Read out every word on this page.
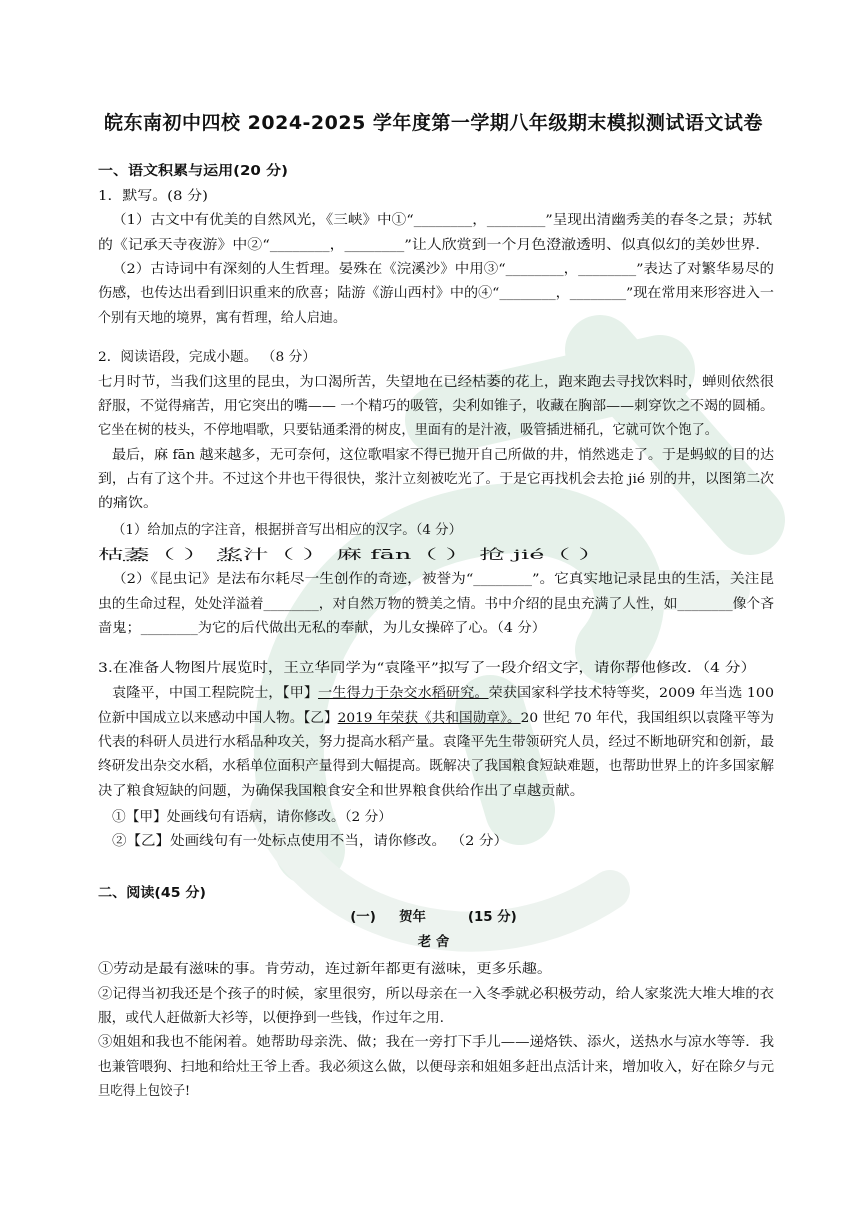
皖东南初中四校 2024-2025 学年度第一学期八年级期末模拟测试语文试卷
一、语文积累与运用(20 分)
1．默写。(8 分)
（1）古文中有优美的自然风光，《三峡》中①“________，________”呈现出清幽秀美的春冬之景；苏轼
的《记承天寺夜游》中②“________，________”让人欣赏到一个月色澄澈透明、似真似幻的美妙世界.
（2）古诗词中有深刻的人生哲理。晏殊在《浣溪沙》中用③“________，________”表达了对繁华易尽的
伤感，也传达出看到旧识重来的欣喜；陆游《游山西村》中的④“________，________”现在常用来形容进入一
个别有天地的境界，寓有哲理，给人启迪。
2．阅读语段，完成小题。 （8 分）
七月时节，当我们这里的昆虫，为口渴所苦，失望地在已经枯萎的花上，跑来跑去寻找饮料时，蝉则依然很
舒服，不觉得痛苦，用它突出的嘴—— 一个精巧的吸管，尖利如锥子，收藏在胸部——刺穿饮之不竭的圆桶。
它坐在树的枝头，不停地唱歌，只要钻通柔滑的树皮，里面有的是汁液，吸管插进桶孔，它就可饮个饱了。
最后，麻 fān 越来越多，无可奈何，这位歌唱家不得已抛开自己所做的井，悄然逃走了。于是蚂蚁的目的达
到，占有了这个井。不过这个井也干得很快，浆汁立刻被吃光了。于是它再找机会去抢 jié 别的井，以图第二次
的痛饮。
（1）给加点的字注音，根据拼音写出相应的汉字。（4 分）
枯萎（ ） 浆汁（ ） 麻 fān（ ） 抢 jié（ ）
（2）《昆虫记》是法布尔耗尽一生创作的奇迹，被誉为“________”。它真实地记录昆虫的生活，关注昆
虫的生命过程，处处洋溢着________，对自然万物的赞美之情。书中介绍的昆虫充满了人性，如________像个吝
啬鬼；________为它的后代做出无私的奉献，为儿女操碎了心。（4 分）
3.在准备人物图片展览时，王立华同学为“袁隆平”拟写了一段介绍文字，请你帮他修改．（4 分）
袁隆平，中国工程院院士，【甲】一生得力于杂交水稻研究。荣获国家科学技术特等奖，2009 年当选 100
位新中国成立以来感动中国人物。【乙】2019 年荣获《共和国勋章》。20 世纪 70 年代，我国组织以袁隆平等为
代表的科研人员进行水稻品种攻关，努力提高水稻产量。袁隆平先生带领研究人员，经过不断地研究和创新，最
终研发出杂交水稻，水稻单位面积产量得到大幅提高。既解决了我国粮食短缺难题，也帮助世界上的许多国家解
决了粮食短缺的问题，为确保我国粮食安全和世界粮食供给作出了卓越贡献。
①【甲】处画线句有语病，请你修改。（2 分）
②【乙】处画线句有一处标点使用不当，请你修改。 （2 分）
二、阅读(45 分)
①劳动是最有滋味的事。肯劳动，连过新年都更有滋味，更多乐趣。
②记得当初我还是个孩子的时候，家里很穷，所以母亲在一入冬季就必积极劳动，给人家浆洗大堆大堆的衣
服，或代人赶做新大衫等，以便挣到一些钱，作过年之用.
③姐姐和我也不能闲着。她帮助母亲洗、做；我在一旁打下手儿——递烙铁、添火，送热水与凉水等等．我
也兼管喂狗、扫地和给灶王爷上香。我必须这么做，以便母亲和姐姐多赶出点活计来，增加收入，好在除夕与元
旦吃得上包饺子!
(一)     贺年         (15 分)
老 舍
